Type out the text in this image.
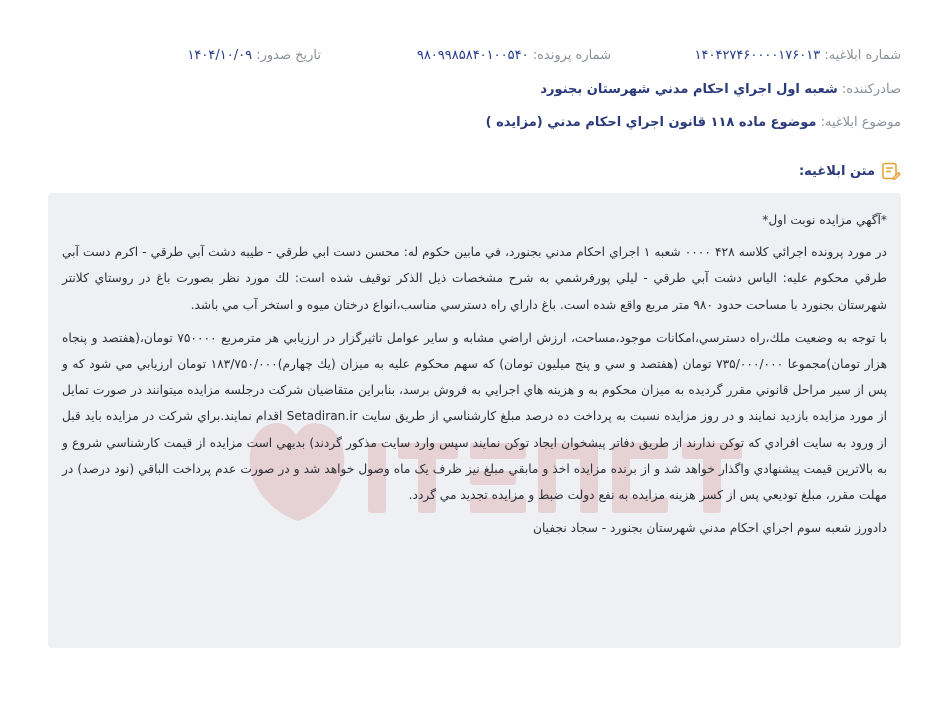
شماره ابلاغیه: ۱۴۰۴۲۷۴۶۰۰۰۰۱۷۶۰۱۳
شماره پرونده: ۹۸۰۹۹۸۵۸۴۰۱۰۰۵۴۰
تاریخ صدور: ۱۴۰۴/۱۰/۰۹
صادرکننده: شعبه اول اجراي احكام مدني شهرستان بجنورد
موضوع ابلاغیه: موضوع ماده ۱۱۸ قانون اجراي احكام مدني (مزايده )
متن ابلاغیه:

*آگهي مزايده نوبت اول*

در مورد پرونده اجرائي كلاسه ۴۲۸ ۰۰۰۰ شعبه ۱ اجراي احكام مدني بجنورد، في مابين حكوم له: محسن دست ابي طرقي - طيبه دشت آبي طرقي - اكرم دست آبي طرقي محكوم عليه: الياس دشت آبي طرقي - ليلي پورفرشمي به شرح مشخصات ذيل الذكر توقيف شده است: لك مورد نظر بصورت باغ در روستاي كلانتر شهرستان بجنورد با مساحت حدود ۹۸۰ متر مربع واقع شده است. باغ داراي راه دسترسي مناسب،انواع درختان ميوه و استخر آب مي باشد.

با توجه به وضعيت ملك،راه دسترسي،امكانات موجود،مساحت، ارزش اراضي مشابه و ساير عوامل تاثيرگزار در ارزيابي هر مترمربع ۷۵۰۰۰۰ تومان،(هفتصد و پنجاه هزار تومان)مجموعا ۷۳۵/۰۰۰/۰۰۰ تومان (هفتصد و سي و پنج ميليون تومان) كه سهم محكوم عليه به ميزان (يك چهارم)۱۸۳/۷۵۰/۰۰۰ تومان ارزيابي مي شود كه و پس از سير مراحل قانوني مقرر گرديده به ميزان محكوم به و هزينه هاي اجرايي به فروش برسد، بنابراين متقاضيان شركت درجلسه مزايده ميتوانند در صورت تمايل از مورد مزايده بازديد نمايند و در روز مزايده نسبت به پرداخت ده درصد مبلغ كارشناسي از طريق سايت Setadiran.ir اقدام نمايند.براي شركت در مزايده بايد قبل از ورود به سايت افرادي كه توكن ندارند از طريق دفاتر پيشخوان ايجاد توكن نمايند سپس وارد سايت مذكور گردند) بديهي است مزايده از قيمت كارشناسي شروع و به بالاترين قيمت پيشنهادي واگذار خواهد شد و از برنده مزايده اخذ و مابقي مبلغ نيز ظرف يک ماه وصول خواهد شد و در صورت عدم پرداخت الباقي (نود درصد) در مهلت مقرر، مبلغ توديعي پس از كسر هزينه مزايده به نفع دولت ضبط و مزايده تجديد مي گردد.

دادورز شعبه سوم اجراي احكام مدني شهرستان بجنورد - سجاد نجفيان
